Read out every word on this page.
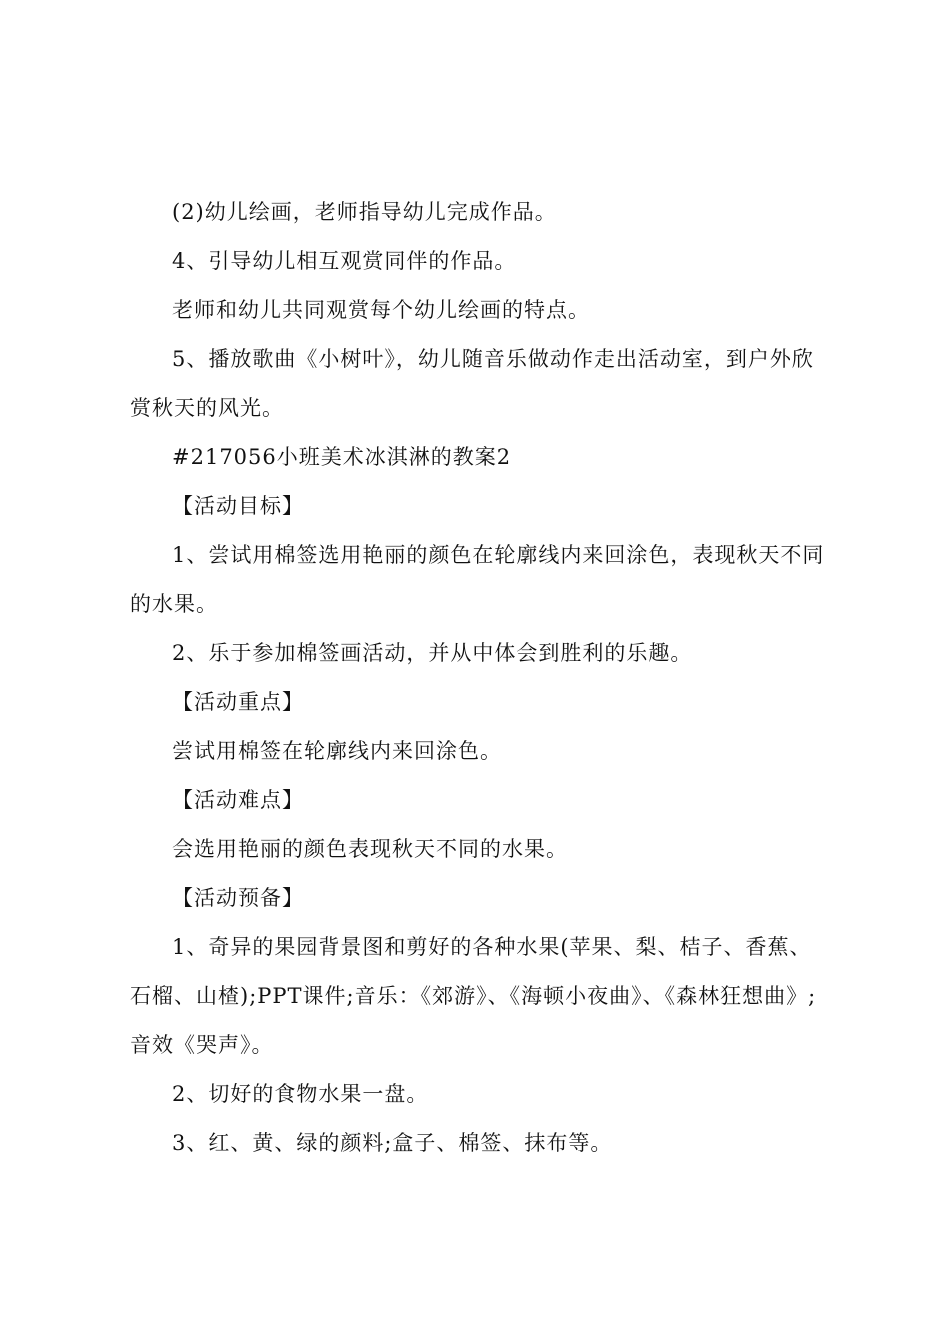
(2)幼儿绘画，老师指导幼儿完成作品。

4、引导幼儿相互观赏同伴的作品。

老师和幼儿共同观赏每个幼儿绘画的特点。

5、播放歌曲《小树叶》，幼儿随音乐做动作走出活动室，到户外欣赏秋天的风光。

#217056小班美术冰淇淋的教案2

【活动目标】

1、尝试用棉签选用艳丽的颜色在轮廓线内来回涂色，表现秋天不同的水果。

2、乐于参加棉签画活动，并从中体会到胜利的乐趣。

【活动重点】

尝试用棉签在轮廓线内来回涂色。

【活动难点】

会选用艳丽的颜色表现秋天不同的水果。

【活动预备】

1、奇异的果园背景图和剪好的各种水果(苹果、梨、桔子、香蕉、石榴、山楂);PPT课件;音乐：《郊游》、《海顿小夜曲》、《森林狂想曲》;音效《哭声》。

2、切好的食物水果一盘。

3、红、黄、绿的颜料;盒子、棉签、抹布等。
